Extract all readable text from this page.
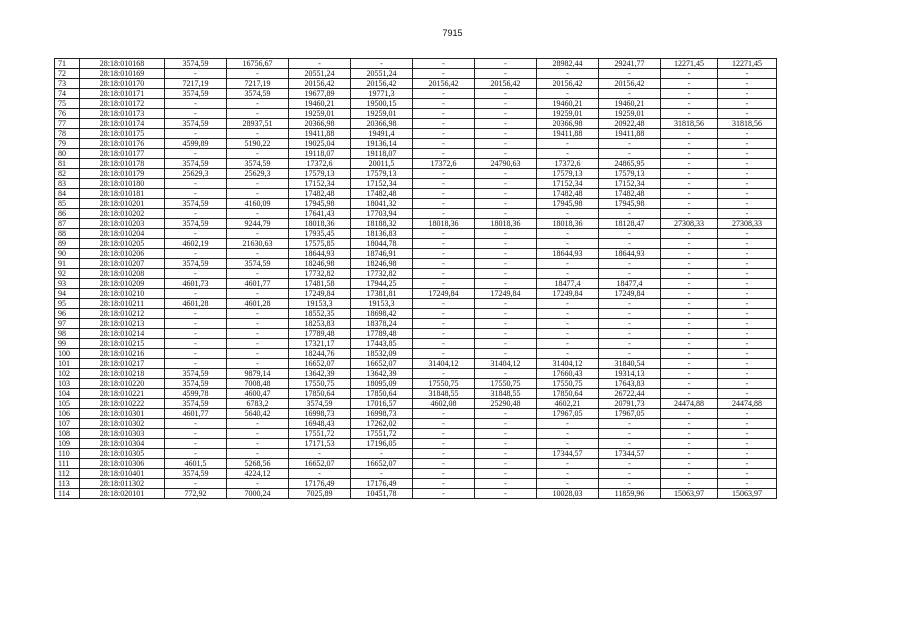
7915
71	28:18:010168	3574,59	16756,67	-	-	-	-	28982,44	29241,77	12271,45	12271,45
72	28:18:010169	-	-	20551,24	20551,24	-	-	-	-	-	-
73	28:18:010170	7217,19	7217,19	20156,42	20156,42	20156,42	20156,42	20156,42	20156,42	-	-
74	28:18:010171	3574,59	3574,59	19677,89	19771,3	-	-	-	-	-	-
75	28:18:010172	-	-	19460,21	19500,15	-	-	19460,21	19460,21	-	-
76	28:18:010173	-	-	19259,01	19259,01	-	-	19259,01	19259,01	-	-
77	28:18:010174	3574,59	28937,51	20366,98	20366,98	-	-	20366,98	20922,48	31818,56	31818,56
78	28:18:010175	-	-	19411,88	19491,4	-	-	19411,88	19411,88	-	-
79	28:18:010176	4599,89	5190,22	19025,04	19136,14	-	-	-	-	-	-
80	28:18:010177	-	-	19118,07	19118,07	-	-	-	-	-	-
81	28:18:010178	3574,59	3574,59	17372,6	20011,5	17372,6	24790,63	17372,6	24865,95	-	-
82	28:18:010179	25629,3	25629,3	17579,13	17579,13	-	-	17579,13	17579,13	-	-
83	28:18:010180	-	-	17152,34	17152,34	-	-	17152,34	17152,34	-	-
84	28:18:010181	-	-	17482,48	17482,48	-	-	17482,48	17482,48	-	-
85	28:18:010201	3574,59	4160,09	17945,98	18041,32	-	-	17945,98	17945,98	-	-
86	28:18:010202	-	-	17641,43	17703,94	-	-	-	-	-	-
87	28:18:010203	3574,59	9244,79	18018,36	18188,32	18018,36	18018,36	18018,36	18128,47	27308,33	27308,33
88	28:18:010204	-	-	17935,45	18136,83	-	-	-	-	-	-
89	28:18:010205	4602,19	21630,63	17575,85	18044,78	-	-	-	-	-	-
90	28:18:010206	-	-	18644,93	18746,91	-	-	18644,93	18644,93	-	-
91	28:18:010207	3574,59	3574,59	18246,98	18246,98	-	-	-	-	-	-
92	28:18:010208	-	-	17732,82	17732,82	-	-	-	-	-	-
93	28:18:010209	4601,73	4601,77	17481,58	17944,25	-	-	18477,4	18477,4	-	-
94	28:18:010210	-	-	17249,84	17381,81	17249,84	17249,84	17249,84	17249,84	-	-
95	28:18:010211	4601,28	4601,28	19153,3	19153,3	-	-	-	-	-	-
96	28:18:010212	-	-	18552,35	18698,42	-	-	-	-	-	-
97	28:18:010213	-	-	18253,83	18378,24	-	-	-	-	-	-
98	28:18:010214	-	-	17789,48	17789,48	-	-	-	-	-	-
99	28:18:010215	-	-	17321,17	17443,85	-	-	-	-	-	-
100	28:18:010216	-	-	18244,76	18532,09	-	-	-	-	-	-
101	28:18:010217	-	-	16652,07	16652,07	31404,12	31404,12	31404,12	31840,54	-	-
102	28:18:010218	3574,59	9879,14	13642,39	13642,39	-	-	17660,43	19314,13	-	-
103	28:18:010220	3574,59	7008,48	17550,75	18095,09	17550,75	17550,75	17550,75	17643,83	-	-
104	28:18:010221	4599,78	4600,47	17850,64	17850,64	31848,55	31848,55	17850,64	26722,44	-	-
105	28:18:010222	3574,59	6783,2	3574,59	17016,57	4602,08	25290,48	4602,21	20791,73	24474,88	24474,88
106	28:18:010301	4601,77	5640,42	16998,73	16998,73	-	-	17967,05	17967,05	-	-
107	28:18:010302	-	-	16948,43	17262,02	-	-	-	-	-	-
108	28:18:010303	-	-	17551,72	17551,72	-	-	-	-	-	-
109	28:18:010304	-	-	17171,53	17196,05	-	-	-	-	-	-
110	28:18:010305	-	-	-	-	-	-	17344,57	17344,57	-	-
111	28:18:010306	4601,5	5268,56	16652,07	16652,07	-	-	-	-	-	-
112	28:18:010401	3574,59	4224,12	-	-	-	-	-	-	-	-
113	28:18:011302	-	-	17176,49	17176,49	-	-	-	-	-	-
114	28:18:020101	772,92	7000,24	7025,89	10451,78	-	-	10028,03	11859,96	15063,97	15063,97
